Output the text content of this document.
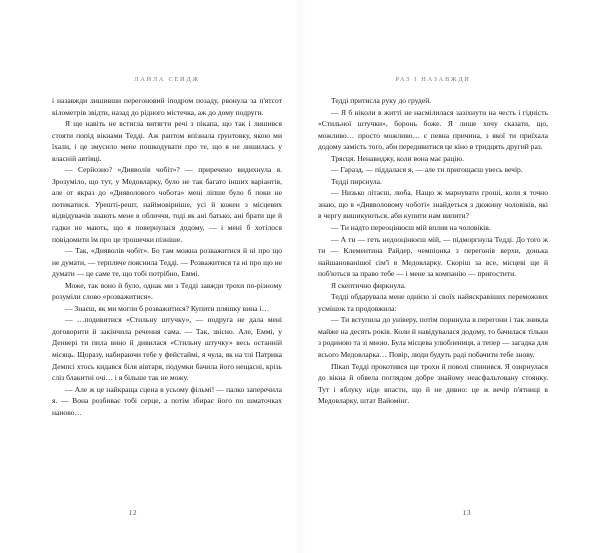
ЛАЙЛА СЕЙДЖ

і назавжди лишивши перегоновий іподром позаду, рвонула за п'ятсот кілометрів звідти, назад до рідного містечка, аж до дому подруги.

Я ще навіть не встигла витягти речі з пікапа, що так і лишився стояти попід вікнами Тедді. Аж раптом впізнала ґрунтовку, якою ми їхали, і це змусило мене пошкодувати про те, що я не лишилась у власній автівці.

— Серйозно? «Дияволів чобіт»? — приречено видихнула я. Зрозуміло, що тут, у Медовларку, було не так багато інших варіантів, але от якраз до «Дияволового чобота» мені ліпше було б поки не потикатися. Урешті-решт, найімовірніше, усі й кожен з місцевих відвідувачів знають мене в обличчя, тоді як ані батько, ані брати ще й гадки не мають, що я повернулася додому, — і мені б хотілося повідомити їм про це трошечки пізніше.

— Так, «Дияволів чобіт». Бо там можна розважитися й ні про що не думати, — терпляче пояснила Тедді. — Розважитися та ні про що не думати — це саме те, що тобі потрібно, Еммі.

Може, так воно й було, однак ми з Тедді завжди трохи по-різному розуміли слово «розважитися».

— Знаєш, як ми могли б розважитися? Купити пляшку вина і…

— …подивитися «Стильну штучку», — подруга не дала мені договорити й закінчила речення сама. — Так, звісно. Але, Еммі, у Денвері ти пила вино й дивилася «Стильну штучку» весь останній місяць. Щоразу, набираючи тебе у фейстаймі, я чула, як на тлі Патрика Демпсі хтось кидався біля вівтаря, подумки бачила його нещасні, крізь сліз блакитні очі… і я більше так не можу.

— Але ж це найкраща сцена в усьому фільмі! — палко заперечила я. — Вона розбиває тобі серце, а потім збирає його по шматочках наново…

12
РАЗ І НАЗАВЖДИ

Тедді притисла руку до грудей.

— Я б ніколи в житті не насмілилася зазіхнути на честь і гідність «Стильної штучки», боронь боже. Я лише хочу сказати, що, можливо… просто можливо… є певна причина, з якої ти приїхала додому замість того, аби передивитися це кіно в тридцять другий раз.

Трясця. Ненавиджу, коли вона має рацію.

— Гаразд, — піддалася я, — але ти пригощаєш увесь вечір.

Тедді пирснула.

— Низько літаєш, люба. Нащо ж марнувати гроші, коли я точно знаю, що в «Дияволовому чоботі» знайдеться з дюжину чоловіків, які в чергу вишикуються, аби купити нам випити?

— Ти надто переоцінюєш мій вплив на чоловіків.

— А ти — геть недооцінюєш мій, — підморгнула Тедді. До того ж ти — Клементина Райдер, чемпіонка з перегонів верхи, донька найшанованішої сім'ї в Медовларку. Скоріш за все, місцеві ще й поб'ються за право тебе — і мене за компанію — пригостити.

Я скептично фиркнула.

Тедді обдарувала мене однією зі своїх найяскравіших переможних усмішок та продовжила:

— Ти вступила до універу, потім поринула в перегони і так зникла майже на десять років. Коли й навідувалася додому, то бачилася тільки з родиною та зі мною. Була місцева улюблениця, а тепер — загадка для всього Медовларка… Повір, люди будуть раді побачити тебе знову.

Пікап Тедді прокотився ще трохи й поволі спинився. Я озирнулася до вікна й обвела поглядом добре знайому неасфальтовану стоянку. Тут і яблуку ніде впасти, що й не дивно: це ж вечір п'ятниці в Медовларку, штат Вайомінґ.

13
